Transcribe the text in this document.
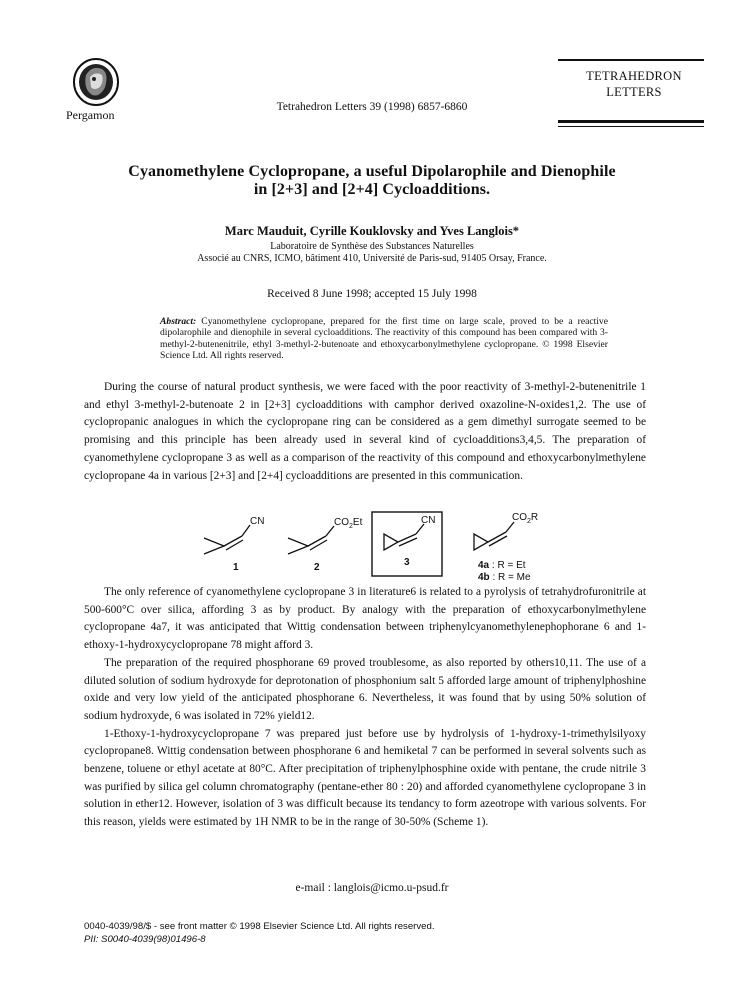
Pergamon
Tetrahedron Letters 39 (1998) 6857-6860
TETRAHEDRON
LETTERS
Cyanomethylene Cyclopropane, a useful Dipolarophile and Dienophile
in [2+3] and [2+4] Cycloadditions.
Marc Mauduit, Cyrille Kouklovsky and Yves Langlois*
Laboratoire de Synthèse des Substances Naturelles
Associé au CNRS, ICMO, bâtiment 410, Université de Paris-sud, 91405 Orsay, France.
Received 8 June 1998; accepted 15 July 1998
Abstract: Cyanomethylene cyclopropane, prepared for the first time on large scale, proved to be a reactive dipolarophile and dienophile in several cycloadditions. The reactivity of this compound has been compared with 3-methyl-2-butenenitrile, ethyl 3-methyl-2-butenoate and ethoxycarbonylmethylene cyclopropane. © 1998 Elsevier Science Ltd. All rights reserved.

During the course of natural product synthesis, we were faced with the poor reactivity of 3-methyl-2-butenenitrile 1 and ethyl 3-methyl-2-butenoate 2 in [2+3] cycloadditions with camphor derived oxazoline-N-oxides1,2. The use of cyclopropanic analogues in which the cyclopropane ring can be considered as a gem dimethyl surrogate seemed to be promising and this principle has been already used in several kind of cycloadditions3,4,5. The preparation of cyanomethylene cyclopropane 3 as well as a comparison of the reactivity of this compound and ethoxycarbonylmethylene cyclopropane 4a in various [2+3] and [2+4] cycloadditions are presented in this communication.

CN	$CO_2Et$	CN	$CO_2R$
1	2	3	4a : R = Et
4b : R = Me

The only reference of cyanomethylene cyclopropane 3 in literature6 is related to a pyrolysis of tetrahydrofuronitrile at 500-600°C over silica, affording 3 as by product. By analogy with the preparation of ethoxycarbonylmethylene cyclopropane 4a7, it was anticipated that Wittig condensation between triphenylcyanomethylenephophorane 6 and 1-ethoxy-1-hydroxycyclopropane 78 might afford 3.

The preparation of the required phosphorane 69 proved troublesome, as also reported by others10,11. The use of a diluted solution of sodium hydroxyde for deprotonation of phosphonium salt 5 afforded large amount of triphenylphoshine oxide and very low yield of the anticipated phosphorane 6. Nevertheless, it was found that by using 50% solution of sodium hydroxyde, 6 was isolated in 72% yield12.

1-Ethoxy-1-hydroxycyclopropane 7 was prepared just before use by hydrolysis of 1-hydroxy-1-trimethylsilyoxy cyclopropane8. Wittig condensation between phosphorane 6 and hemiketal 7 can be performed in several solvents such as benzene, toluene or ethyl acetate at 80°C. After precipitation of triphenylphosphine oxide with pentane, the crude nitrile 3 was purified by silica gel column chromatography (pentane-ether 80 : 20) and afforded cyanomethylene cyclopropane 3 in solution in ether12. However, isolation of 3 was difficult because its tendancy to form azeotrope with various solvents. For this reason, yields were estimated by 1H NMR to be in the range of 30-50% (Scheme 1).

e-mail : langlois@icmo.u-psud.fr
0040-4039/98/$ - see front matter © 1998 Elsevier Science Ltd. All rights reserved.
PII: S0040-4039(98)01496-8
